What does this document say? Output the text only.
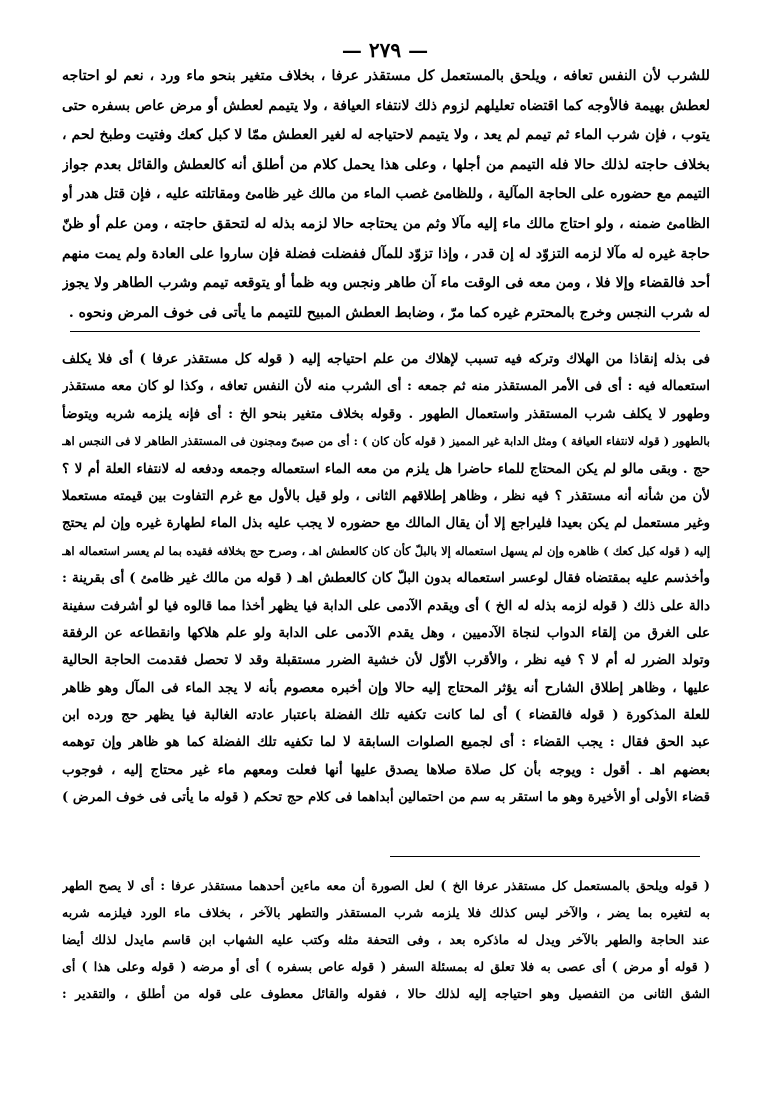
— ٢٧٩ —
للشرب لأن النفس تعافه ، ويلحق بالمستعمل كل مستقذر عرفا ، بخلاف متغير بنحو ماء ورد ، نعم لو احتاجه
لعطش بهيمة فالأوجه كما اقتضاه تعليلهم لزوم ذلك لانتفاء العيافة ، ولا يتيمم لعطش أو مرض عاص بسفره حتى
يتوب ، فإن شرب الماء ثم تيمم لم يعد ، ولا يتيمم لاحتياجه له لغير العطش ممّا لا كبل كعك وفتيت وطبخ لحم ،
بخلاف حاجته لذلك حالا فله التيمم من أجلها ، وعلى هذا يحمل كلام من أطلق أنه كالعطش والقائل بعدم جواز
التيمم مع حضوره على الحاجة المآلية ، وللظامئ غصب الماء من مالك غير ظامئ ومقاتلته عليه ، فإن قتل هدر أو
الظامئ ضمنه ، ولو احتاج مالك ماء إليه مآلا وثم من يحتاجه حالا لزمه بذله له لتحقق حاجته ، ومن علم أو ظنّ
حاجة غيره له مآلا لزمه التزوّد له إن قدر ، وإذا تزوّد للمآل ففضلت فضلة فإن ساروا على العادة ولم يمت منهم
أحد فالقضاء وإلا فلا ، ومن معه فى الوقت ماء آن طاهر ونجس وبه ظمأ أو يتوقعه تيمم وشرب الطاهر ولا يجوز
له شرب النجس وخرج بالمحترم غيره كما مرّ ، وضابط العطش المبيح للتيمم ما يأتى فى خوف المرض ونحوه .
فى بذله إنقاذا من الهلاك وتركه فيه تسبب لإهلاك من علم احتياجه إليه ( قوله كل مستقذر عرفا ) أى فلا يكلف
استعماله فيه : أى فى الأمر المستقذر منه ثم جمعه : أى الشرب منه لأن النفس تعافه ، وكذا لو كان معه مستقذر
وطهور لا يكلف شرب المستقذر واستعمال الطهور . وقوله بخلاف متغير بنحو الخ : أى فإنه يلزمه شربه ويتوضأ
بالطهور ( قوله لانتفاء العيافة ) ومثل الدابة غير المميز ( قوله كأن كان ) : أى من صبىّ ومجنون فى المستقذر الطاهر لا فى النجس اهـ
حج . وبقى مالو لم يكن المحتاج للماء حاضرا هل يلزم من معه الماء استعماله وجمعه ودفعه له لانتفاء العلة أم لا ؟
لأن من شأنه أنه مستقذر ؟ فيه نظر ، وظاهر إطلاقهم الثانى ، ولو قيل بالأول مع غرم التفاوت بين قيمته مستعملا
وغير مستعمل لم يكن بعيدا فليراجع إلا أن يقال المالك مع حضوره لا يجب عليه بذل الماء لطهارة غيره وإن لم يحتج
إليه ( قوله كبل كعك ) ظاهره وإن لم يسهل استعماله إلا بالبلّ كأن كان كالعطش اهـ ، وصرح حج بخلافه فقيده بما لم يعسر استعماله اهـ
وأخذسم عليه بمقتضاه فقال لوعسر استعماله بدون البلّ كان كالعطش اهـ ( قوله من مالك غير ظامئ ) أى بقرينة :
دالة على ذلك ( قوله لزمه بذله له الخ ) أى ويقدم الآدمى على الدابة فيا يظهر أخذا مما قالوه فيا لو أشرفت سفينة
على الغرق من إلقاء الدواب لنجاة الآدميين ، وهل يقدم الآدمى على الدابة ولو علم هلاكها وانقطاعه عن الرفقة
وتولد الضرر له أم لا ؟ فيه نظر ، والأقرب الأوّل لأن خشية الضرر مستقبلة وقد لا تحصل فقدمت الحاجة الحالية
عليها ، وظاهر إطلاق الشارح أنه يؤثر المحتاج إليه حالا وإن أخبره معصوم بأنه لا يجد الماء فى المآل وهو ظاهر
للعلة المذكورة ( قوله فالقضاء ) أى لما كانت تكفيه تلك الفضلة باعتبار عادته الغالبة فيا يظهر حج ورده ابن
عبد الحق فقال : يجب القضاء : أى لجميع الصلوات السابقة لا لما تكفيه تلك الفضلة كما هو ظاهر وإن توهمه
بعضهم اهـ . أقول : ويوجه بأن كل صلاة صلاها يصدق عليها أنها فعلت ومعهم ماء غير محتاج إليه ، فوجوب
قضاء الأولى أو الأخيرة وهو ما استقر به سم من احتمالين أبداهما فى كلام حج تحكم ( قوله ما يأتى فى خوف المرض )
( قوله ويلحق بالمستعمل كل مستقذر عرفا الخ ) لعل الصورة أن معه ماءين أحدهما مستقذر عرفا : أى لا يصح الطهر
به لتغيره بما يضر ، والآخر ليس كذلك فلا يلزمه شرب المستقذر والتطهر بالآخر ، بخلاف ماء الورد فيلزمه شربه
عند الحاجة والطهر بالآخر ويدل له ماذكره بعد ، وفى التحفة مثله وكتب عليه الشهاب ابن قاسم مايدل لذلك أيضا
( قوله أو مرض ) أى عصى به فلا تعلق له بمسئلة السفر ( قوله عاص بسفره ) أى أو مرضه ( قوله وعلى هذا ) أى
الشق الثانى من التفصيل وهو احتياجه إليه لذلك حالا ، فقوله والقائل معطوف على قوله من أطلق ، والتقدير :
